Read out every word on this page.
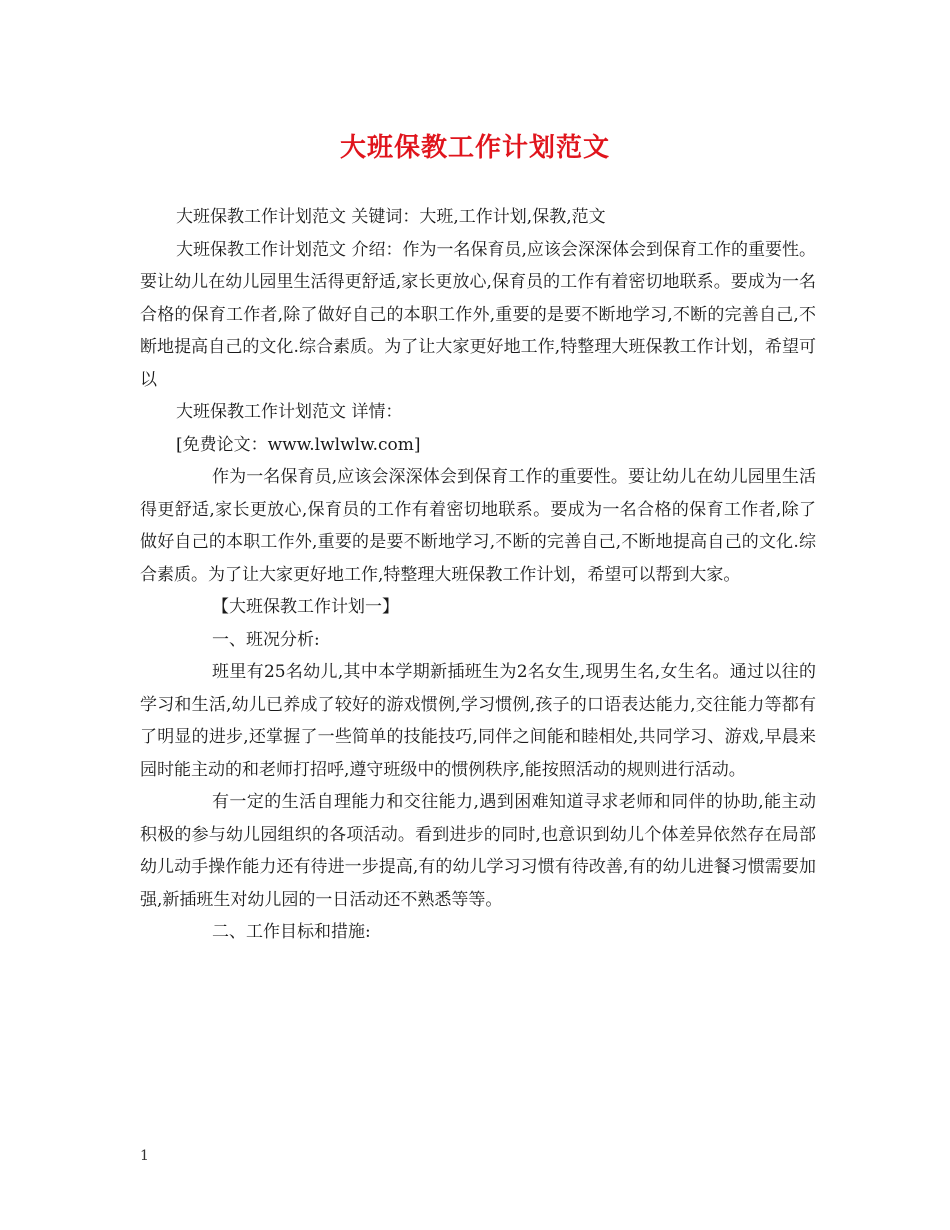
大班保教工作计划范文

大班保教工作计划范文 关键词：大班,工作计划,保教,范文

大班保教工作计划范文 介绍：作为一名保育员,应该会深深体会到保育工作的重要性。要让幼儿在幼儿园里生活得更舒适,家长更放心,保育员的工作有着密切地联系。要成为一名合格的保育工作者,除了做好自己的本职工作外,重要的是要不断地学习,不断的完善自己,不断地提高自己的文化.综合素质。为了让大家更好地工作,特整理大班保教工作计划，希望可以

大班保教工作计划范文 详情：

[免费论文：www.lwlwlw.com]

作为一名保育员,应该会深深体会到保育工作的重要性。要让幼儿在幼儿园里生活得更舒适,家长更放心,保育员的工作有着密切地联系。要成为一名合格的保育工作者,除了做好自己的本职工作外,重要的是要不断地学习,不断的完善自己,不断地提高自己的文化.综合素质。为了让大家更好地工作,特整理大班保教工作计划，希望可以帮到大家。

【大班保教工作计划一】

一、班况分析:

班里有25名幼儿,其中本学期新插班生为2名女生,现男生名,女生名。通过以往的学习和生活,幼儿已养成了较好的游戏惯例,学习惯例,孩子的口语表达能力,交往能力等都有了明显的进步,还掌握了一些简单的技能技巧,同伴之间能和睦相处,共同学习、游戏,早晨来园时能主动的和老师打招呼,遵守班级中的惯例秩序,能按照活动的规则进行活动。

有一定的生活自理能力和交往能力,遇到困难知道寻求老师和同伴的协助,能主动积极的参与幼儿园组织的各项活动。看到进步的同时,也意识到幼儿个体差异依然存在局部幼儿动手操作能力还有待进一步提高,有的幼儿学习习惯有待改善,有的幼儿进餐习惯需要加强,新插班生对幼儿园的一日活动还不熟悉等等。

二、工作目标和措施:

1
